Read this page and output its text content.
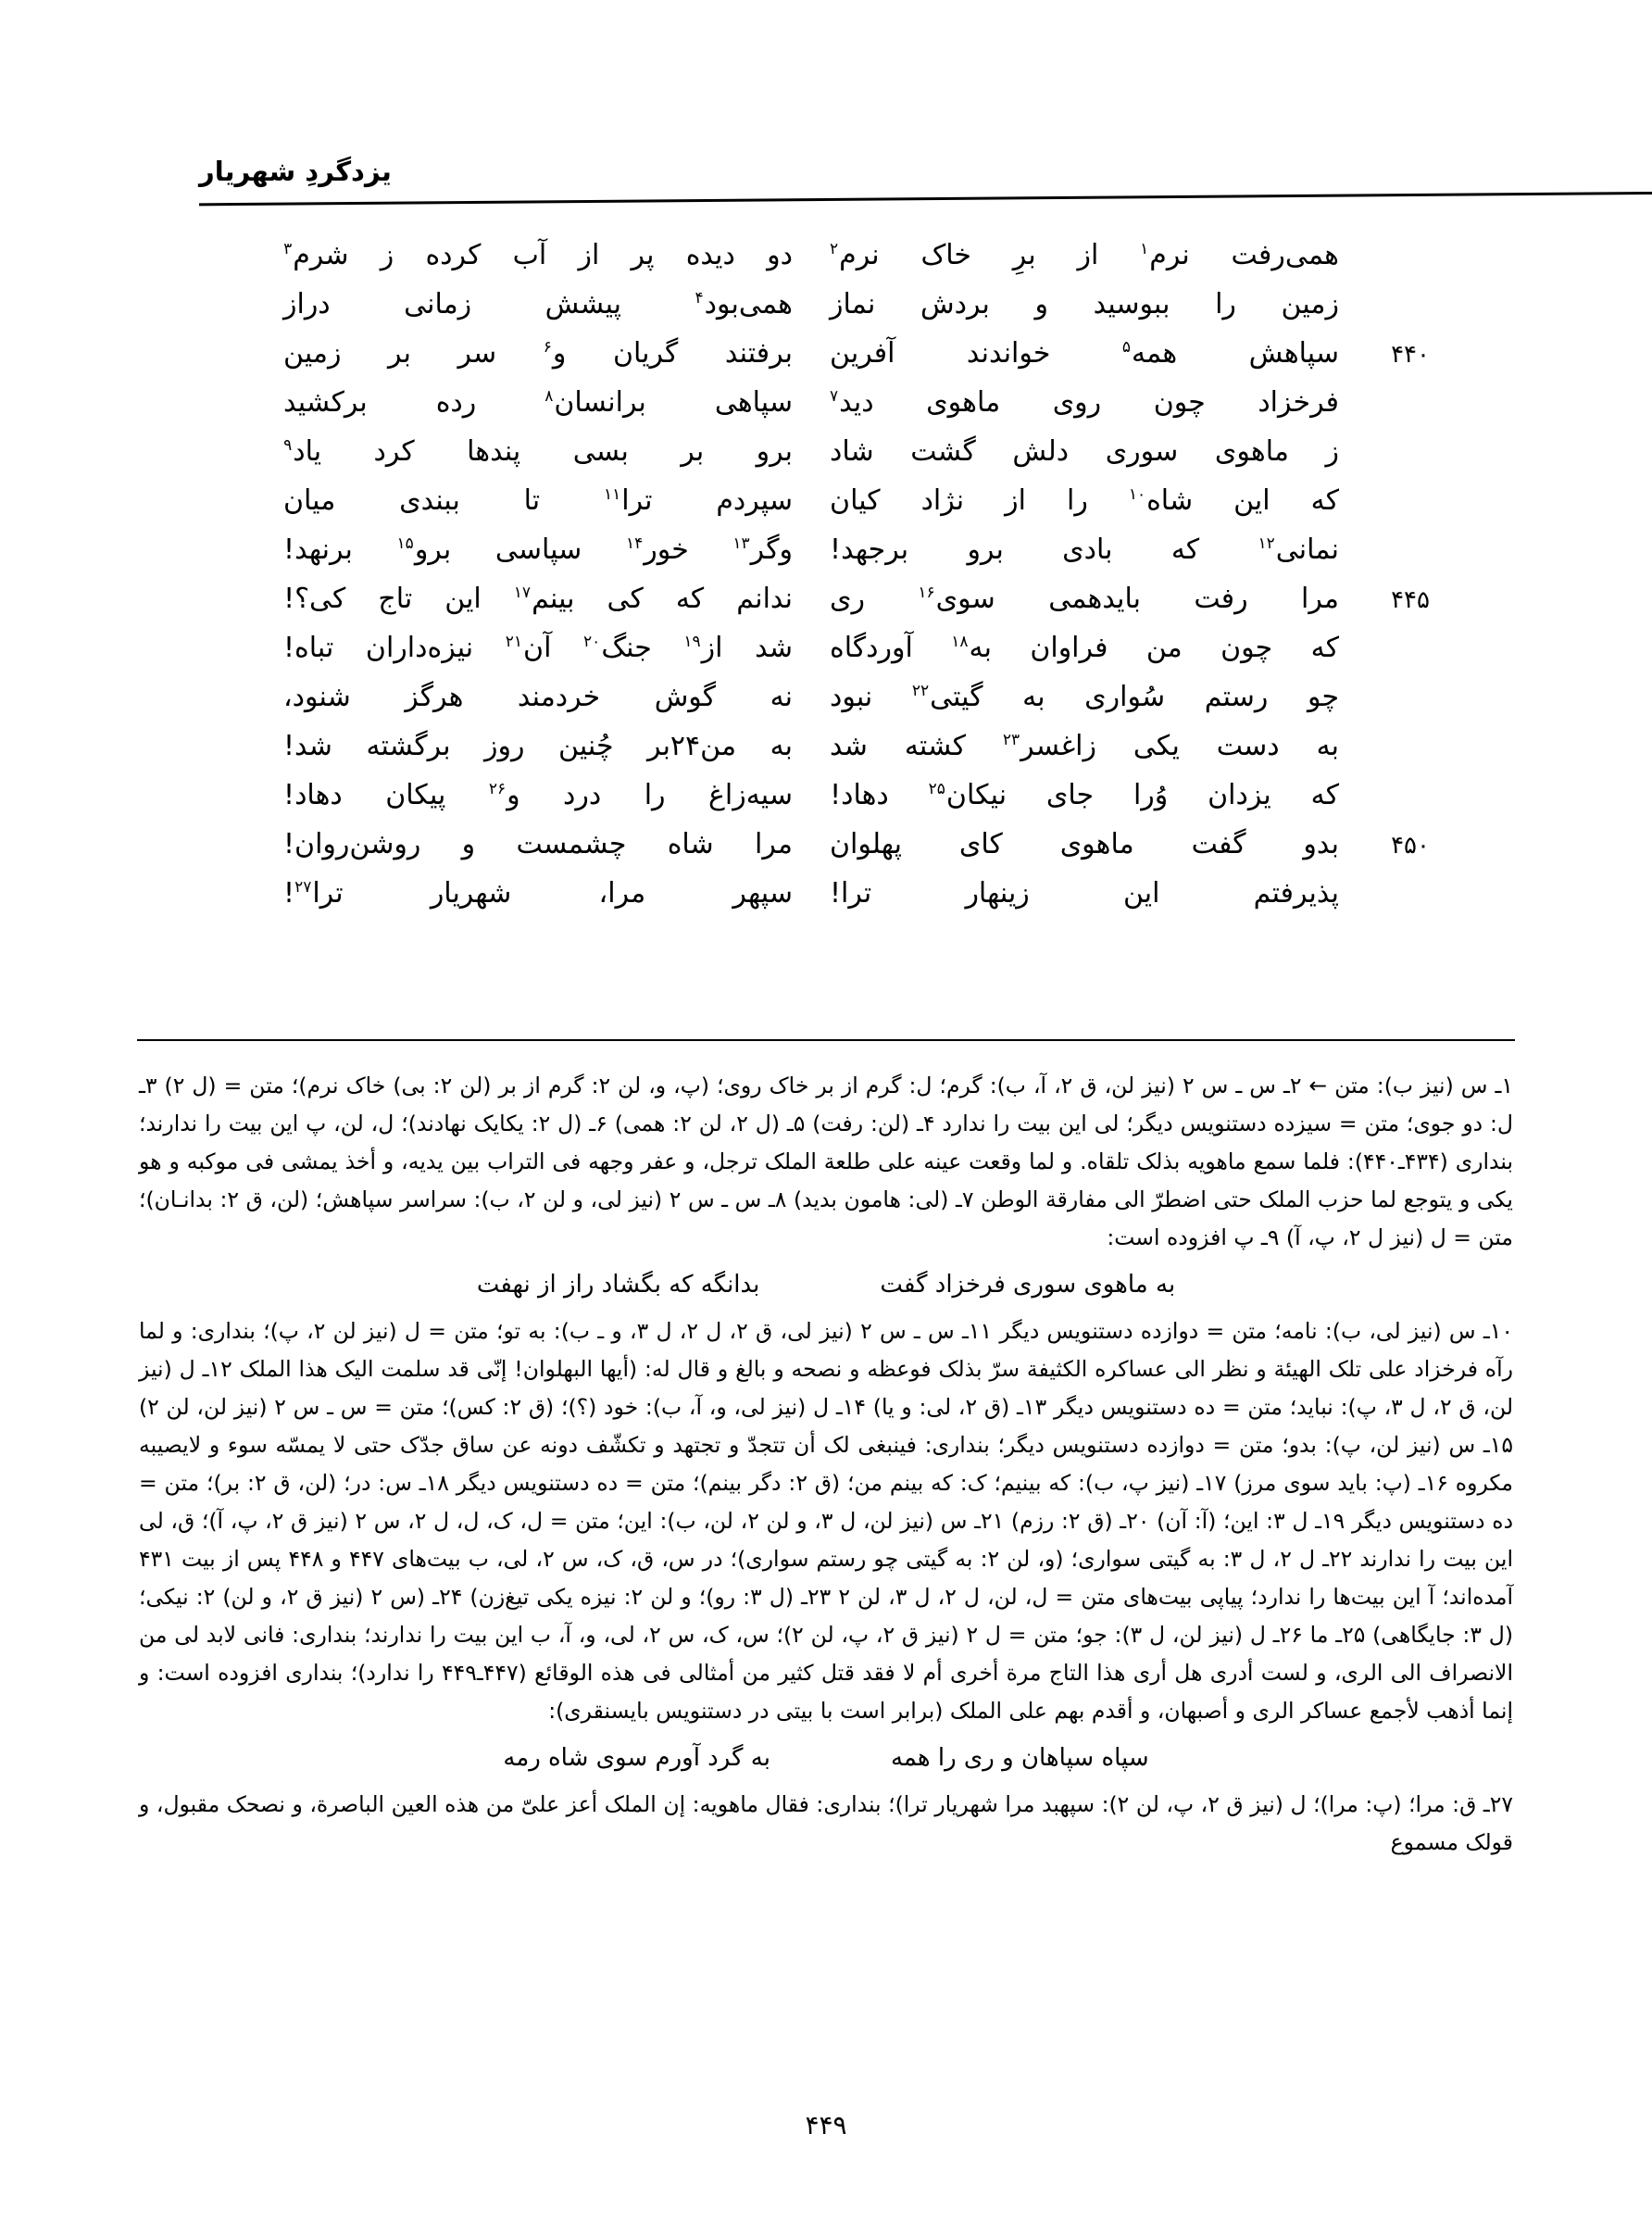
یزدگردِ شهریار
همی‌رفت
نرم$^۱$
از
برِ
خاک
نرم$^۲$
دو
دیده
پر
از
آب
کرده
ز
شرم$^۳$
زمین
را
ببوسید
و
بردش
نماز
همی‌بود$^۴$
پیشش
زمانی
دراز
۴۴۰
سپاهش
همه$^۵$
خواندند
آفرین
برفتند
گریان
و$^۶$
سر
بر
زمین
فرخزاد
چون
روی
ماهوی
دید$^۷$
سپاهی
برانسان$^۸$
رده
برکشید
ز
ماهوی
سوری
دلش
گشت
شاد
برو
بر
بسی
پندها
کرد
یاد$^۹$
که
این
شاه$^{۱۰}$
را
از
نژاد
کیان
سپردم
ترا$^{۱۱}$
تا
ببندی
میان
نمانی$^{۱۲}$
که
بادی
برو
برجهد!
وگر$^{۱۳}$
خور$^{۱۴}$
سپاسی
برو$^{۱۵}$
برنهد!
۴۴۵
مرا
رفت
بایدهمی
سوی$^{۱۶}$
ری
ندانم
که
کی
بینم$^{۱۷}$
این
تاج
کی؟!
که
چون
من
فراوان
به$^{۱۸}$
آوردگاه
شد
از$^{۱۹}$
جنگ$^{۲۰}$
آن$^{۲۱}$
نیزه‌داران
تباه!
چو
رستم
سُواری
به
گیتی$^{۲۲}$
نبود
نه
گوش
خردمند
هرگز
شنود،
به
دست
یکی
زاغسر$^{۲۳}$
کشته
شد
به
من۲۴بر
چُنین
روز
برگشته
شد!
که
یزدان
وُرا
جای
نیکان$^{۲۵}$
دهاد!
سیه‌زاغ
را
درد
و$^{۲۶}$
پیکان
دهاد!
۴۵۰
بدو
گفت
ماهوی
کای
پهلوان
مرا
شاه
چشمست
و
روشن‌روان!
پذیرفتم
این
زینهار
ترا!
سپهر
مرا،
شهریار
ترا$^{۲۷}$!
۱ـ س (نیز ب): متن ← ۲ـ س ـ س ۲ (نیز لن، ق ۲، آ، ب): گرم؛ ل: گرم از بر خاک روی؛ (پ، و، لن ۲: گرم از بر (لن ۲: بی) خاک نرم)؛ متن = (ل ۲) ۳ـ ل: دو جوی؛ متن = سیزده دستنویس دیگر؛ لی این بیت را ندارد ۴ـ (لن: رفت) ۵ـ (ل ۲، لن ۲: همی) ۶ـ (ل ۲: یکایک نهادند)؛ ل، لن، پ این بیت را ندارند؛ بنداری (۴۳۴ـ۴۴۰): فلما سمع ماهویه بذلک تلقاه. و لما وقعت عینه علی طلعة الملک ترجل، و عفر وجهه فی التراب بین یدیه، و أخذ یمشی فی موکبه و هو یکی و یتوجع لما حزب الملک حتی اضطرّ الی مفارقة الوطن ۷ـ (لی: هامون بدید) ۸ـ س ـ س ۲ (نیز لی، و لن ۲، ب): سراسر سپاهش؛ (لن، ق ۲: بدانـان)؛ متن = ل (نیز ل ۲، پ، آ) ۹ـ پ افزوده است:
به ماهوی سوری فرخزاد گفت
بدانگه که بگشاد راز از نهفت
۱۰ـ س (نیز لی، ب): نامه؛ متن = دوازده دستنویس دیگر ۱۱ـ س ـ س ۲ (نیز لی، ق ۲، ل ۲، ل ۳، و ـ ب): به تو؛ متن = ل (نیز لن ۲، پ)؛ بنداری: و لما رآه فرخزاد علی تلک الهیئة و نظر الی عساکره الکثیفة سرّ بذلک فوعظه و نصحه و بالغ و قال له: (أیها البهلوان! إنّی قد سلمت الیک هذا الملک ۱۲ـ ل (نیز لن، ق ۲، ل ۳، پ): نباید؛ متن = ده دستنویس دیگر ۱۳ـ (ق ۲، لی: و یا) ۱۴ـ ل (نیز لی، و، آ، ب): خود (؟)؛ (ق ۲: کس)؛ متن = س ـ س ۲ (نیز لن، لن ۲) ۱۵ـ س (نیز لن، پ): بدو؛ متن = دوازده دستنویس دیگر؛ بنداری: فینبغی لک أن تتجدّ و تجتهد و تکشّف دونه عن ساق جدّک حتی لا یمسّه سوء و لایصیبه مکروه ۱۶ـ (پ: باید سوی مرز) ۱۷ـ (نیز پ، ب): که بینیم؛ ک: که بینم من؛ (ق ۲: دگر بینم)؛ متن = ده دستنویس دیگر ۱۸ـ س: در؛ (لن، ق ۲: بر)؛ متن = ده دستنویس دیگر ۱۹ـ ل ۳: این؛ (آ: آن) ۲۰ـ (ق ۲: رزم) ۲۱ـ س (نیز لن، ل ۳، و لن ۲، لن، ب): این؛ متن = ل، ک، ل، ل ۲، س ۲ (نیز ق ۲، پ، آ)؛ ق، لی این بیت را ندارند ۲۲ـ ل ۲، ل ۳: به گیتی سواری؛ (و، لن ۲: به گیتی چو رستم سواری)؛ در س، ق، ک، س ۲، لی، ب بیت‌های ۴۴۷ و ۴۴۸ پس از بیت ۴۳۱ آمده‌اند؛ آ این بیت‌ها را ندارد؛ پیاپی بیت‌های متن = ل، لن، ل ۲، ل ۳، لن ۲ ۲۳ـ (ل ۳: رو)؛ و لن ۲: نیزه یکی تیغ‌زن) ۲۴ـ (س ۲ (نیز ق ۲، و لن) ۲: نیکی؛ (ل ۳: جایگاهی) ۲۵ـ ما ۲۶ـ ل (نیز لن، ل ۳): جو؛ متن = ل ۲ (نیز ق ۲، پ، لن ۲)؛ س، ک، س ۲، لی، و، آ، ب این بیت را ندارند؛ بنداری: فانی لابد لی من الانصراف الی الری، و لست أدری هل أری هذا التاج مرة أخری أم لا فقد قتل کثیر من أمثالی فی هذه الوقائع (۴۴۷ـ۴۴۹ را ندارد)؛ بنداری افزوده است: و إنما أذهب لأجمع عساکر الری و أصبهان، و أقدم بهم علی الملک (برابر است با بیتی در دستنویس بایسنقری):
سپاه سپاهان و ری را همه
به گرد آورم سوی شاه رمه
۲۷ـ ق: مرا؛ (پ: مرا)؛ ل (نیز ق ۲، پ، لن ۲): سپهبد مرا شهریار ترا)؛ بنداری: فقال ماهویه: إن الملک أعز علیّ من هذه العین الباصرة، و نصحک مقبول، و قولک مسموع
۴۴۹
